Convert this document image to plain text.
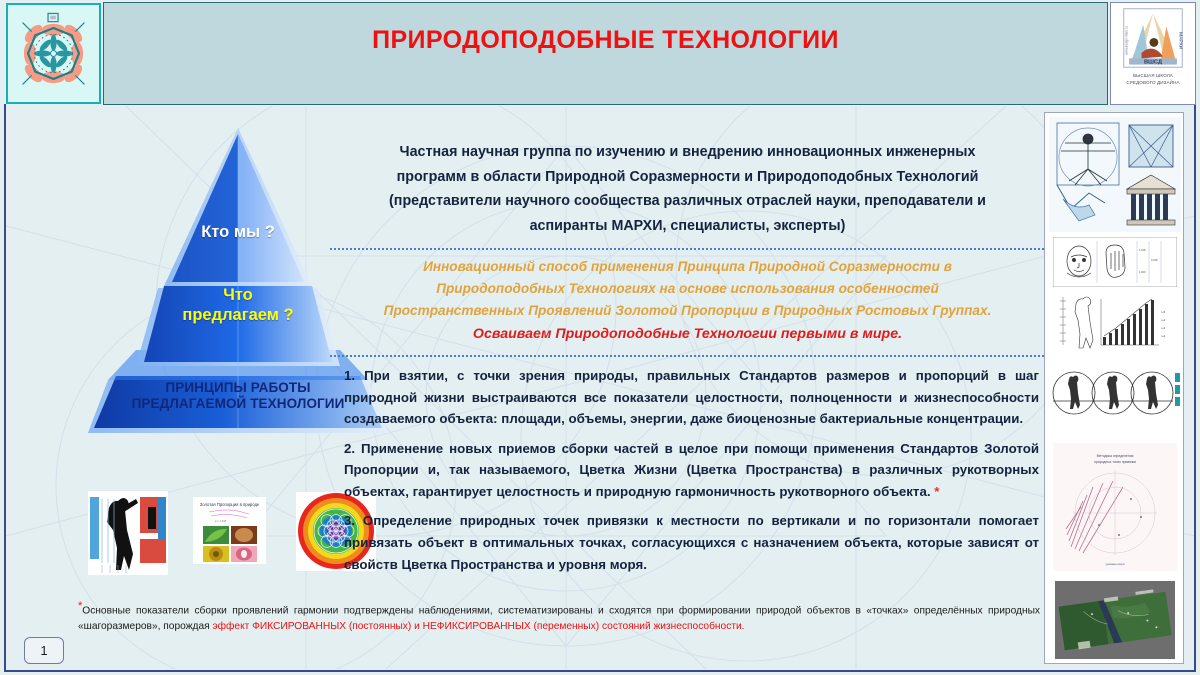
ПРИРОДОПОДОБНЫЕ ТЕХНОЛОГИИ
ВШСД
МАРХИ
www.design-mars.ru
ВЫСШАЯ ШКОЛА
СРЕДОВОГО ДИЗАЙНА
Кто мы ?
Что
предлагаем ?
ПРИНЦИПЫ РАБОТЫ
ПРЕДЛАГАЕМОЙ ТЕХНОЛОГИИ
Золотая Пропорция в природе
φ = 1,618
Частная научная группа по изучению и внедрению инновационных инженерных
программ в области Природной Соразмерности и Природоподобных Технологий
(представители научного сообщества различных отраслей науки, преподаватели и
аспиранты МАРХИ, специалисты, эксперты)
Инновационный способ применения Принципа Природной Соразмерности в
Природоподобных Технологиях на основе использования особенностей
Пространственных Проявлений Золотой Пропорции в Природных Ростовых Группах.
Осваиваем Природоподобные Технологии первыми в мире.
1. При взятии, с точки зрения природы, правильных Стандартов размеров и пропорций в шаг природной жизни выстраиваются все показатели целостности, полноценности и жизнеспособности создаваемого объекта: площади, объемы, энергии, даже биоценозные бактериальные концентрации.
2. Применение новых приемов сборки частей в целое при помощи применения Стандартов Золотой Пропорции и, так называемого, Цветка Жизни (Цветка Пространства) в различных рукотворных объектах, гарантирует целостность и природную гармоничность рукотворного объекта. *
3. Определение природных точек привязки к местности по вертикали и по горизонтали помогает привязать объект в оптимальных точках, согласующихся с назначением объекта, которые зависят от свойств Цветка Пространства и уровня моря.
*Основные показатели сборки проявлений гармонии подтверждены наблюдениями, систематизированы и сходятся при формировании природой объектов в «точках» определённых природных «шагоразмеров», порождая эффект ФИКСИРОВАННЫХ (постоянных) и НЕФИКСИРОВАННЫХ (переменных) состояний жизнеспособности.
1
1,618
0,618
1,000
n+5
n+4
n+3
n+2
Методика определения
природных точек привязки
уровень моря
